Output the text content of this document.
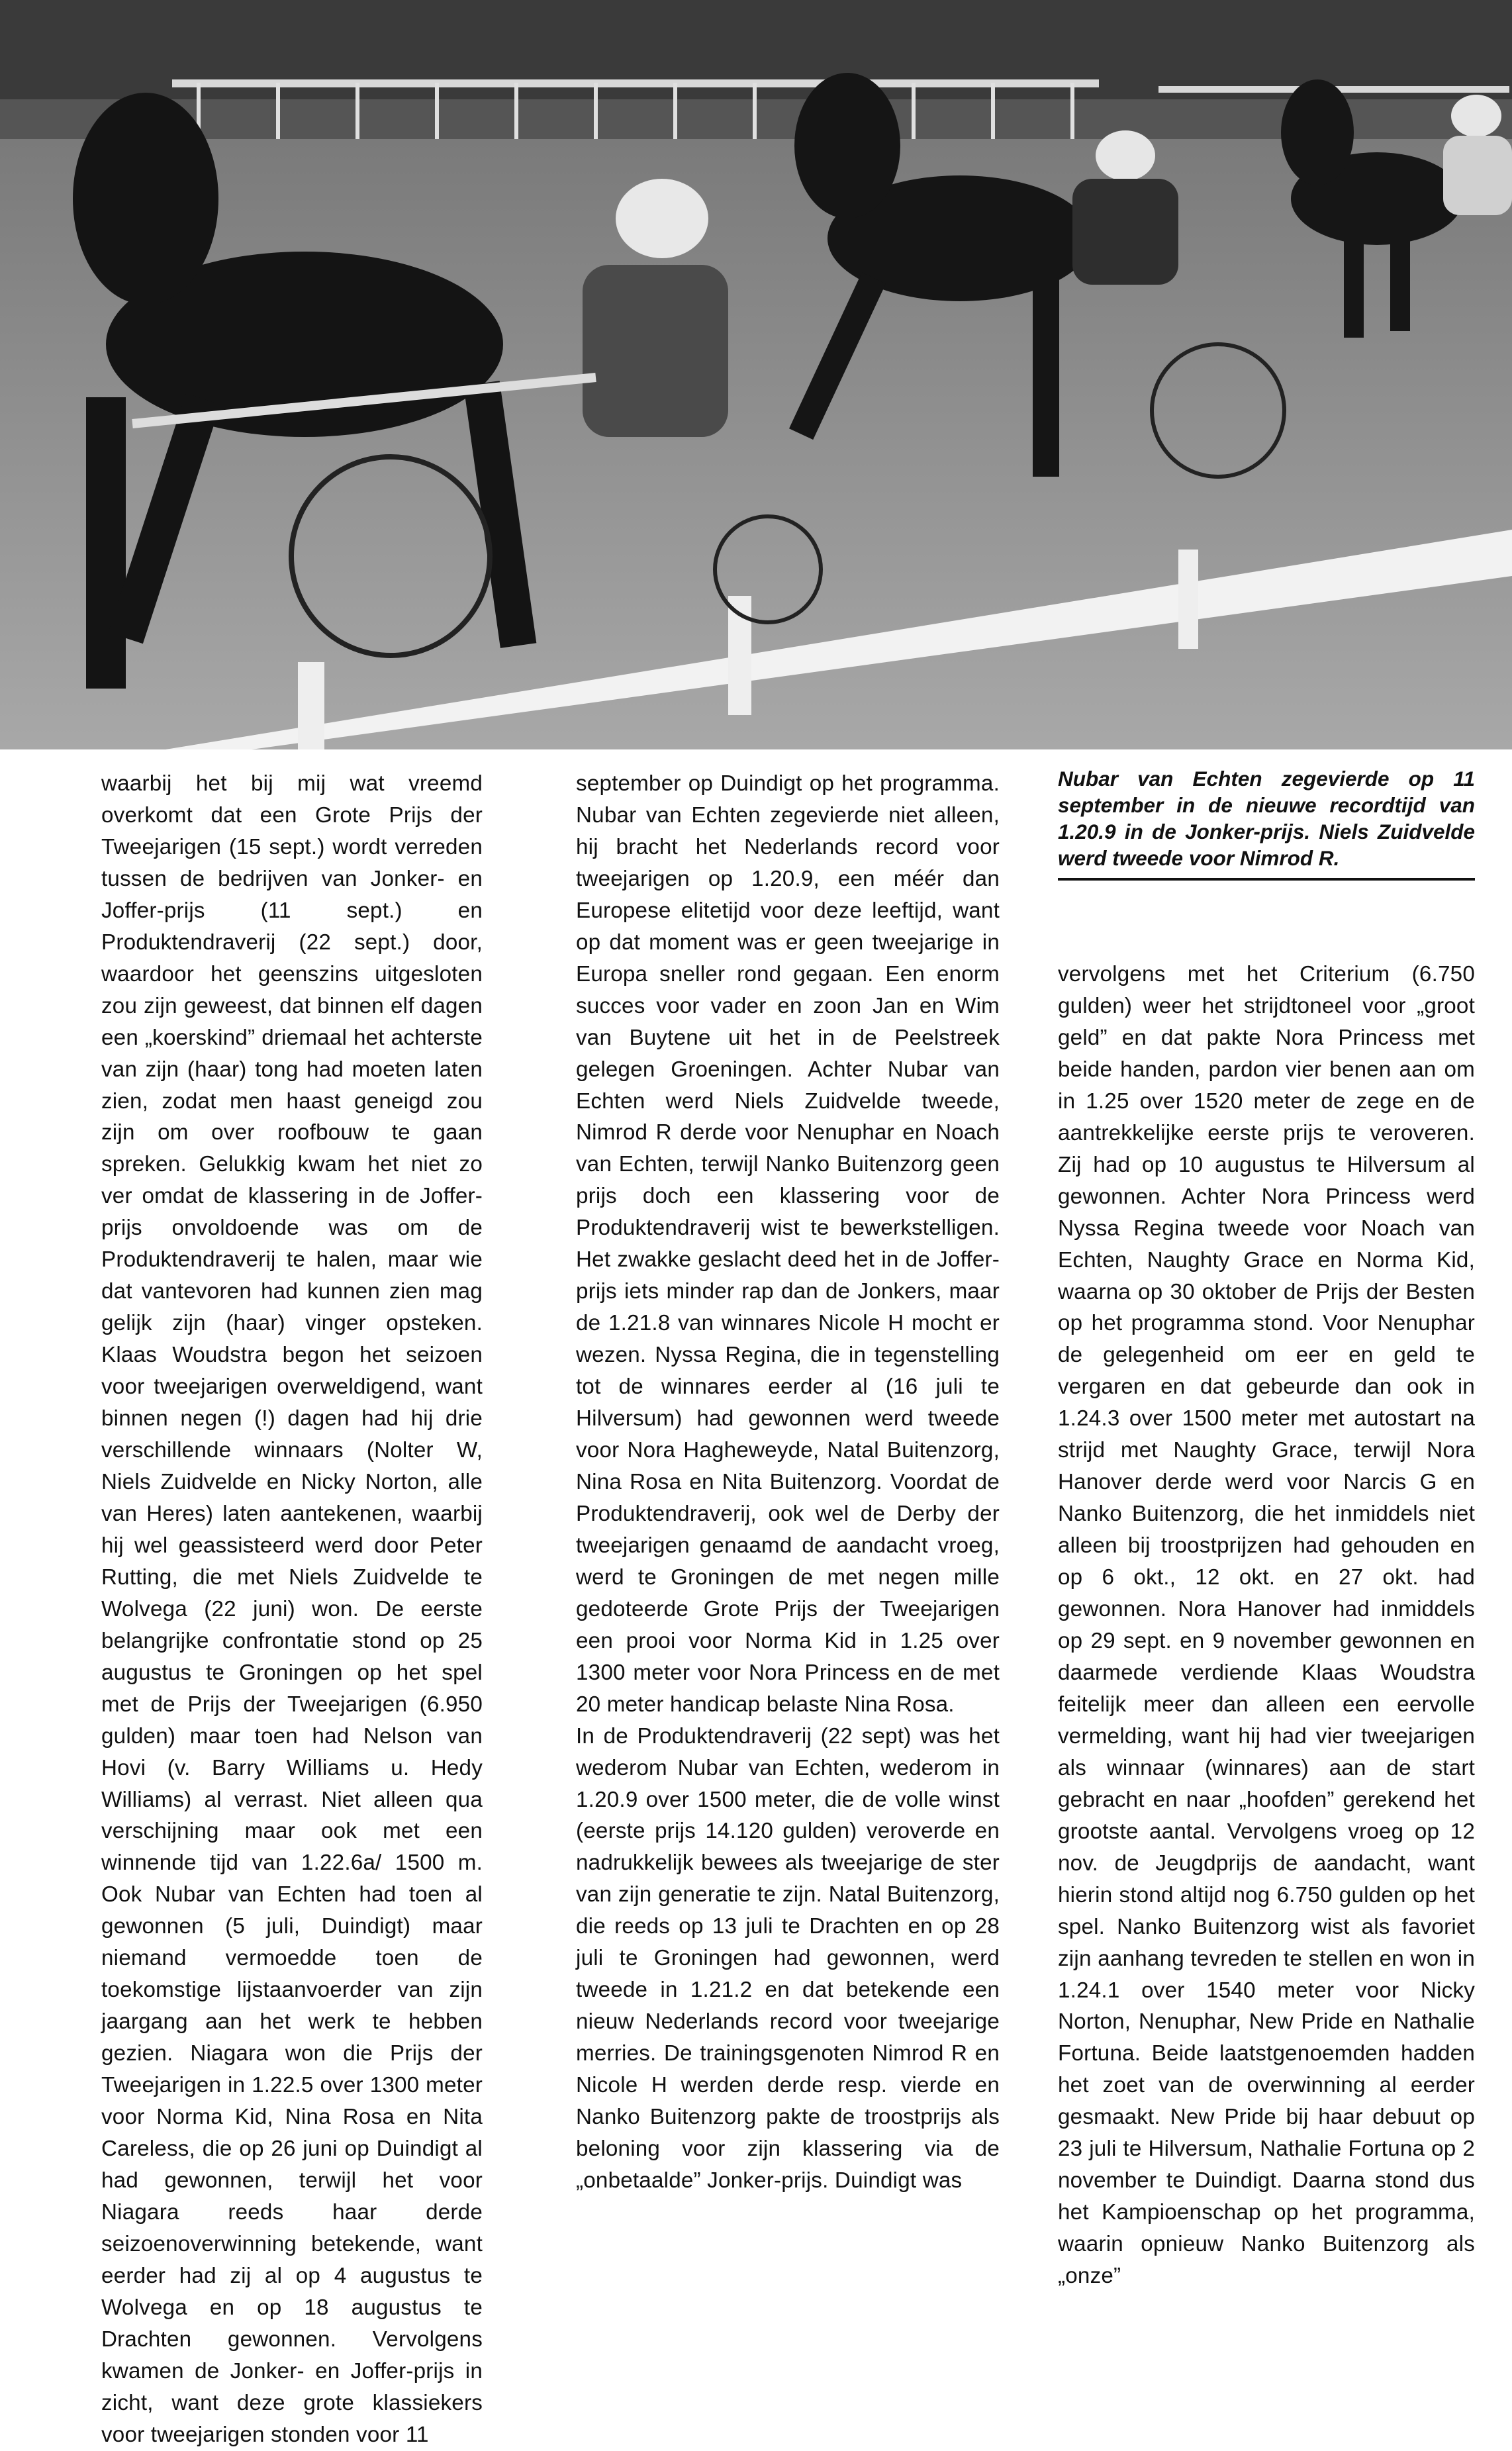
waarbij het bij mij wat vreemd overkomt dat een Grote Prijs der Tweejarigen (15 sept.) wordt verreden tussen de bedrijven van Jonker- en Joffer-prijs (11 sept.) en Produktendraverij (22 sept.) door, waardoor het geenszins uitgesloten zou zijn geweest, dat binnen elf dagen een „koerskind” driemaal het achterste van zijn (haar) tong had moeten laten zien, zodat men haast geneigd zou zijn om over roofbouw te gaan spreken. Gelukkig kwam het niet zo ver omdat de klassering in de Joffer-prijs onvoldoende was om de Produktendraverij te halen, maar wie dat vantevoren had kunnen zien mag gelijk zijn (haar) vinger opsteken. Klaas Woudstra begon het seizoen voor tweejarigen overweldigend, want binnen negen (!) dagen had hij drie verschillende winnaars (Nolter W, Niels Zuidvelde en Nicky Norton, alle van Heres) laten aantekenen, waarbij hij wel geassisteerd werd door Peter Rutting, die met Niels Zuidvelde te Wolvega (22 juni) won. De eerste belangrijke confrontatie stond op 25 augustus te Groningen op het spel met de Prijs der Tweejarigen (6.950 gulden) maar toen had Nelson van Hovi (v. Barry Williams u. Hedy Williams) al verrast. Niet alleen qua verschijning maar ook met een winnende tijd van 1.22.6a/ 1500 m. Ook Nubar van Echten had toen al gewonnen (5 juli, Duindigt) maar niemand vermoedde toen de toekomstige lijstaanvoerder van zijn jaargang aan het werk te hebben gezien. Niagara won die Prijs der Tweejarigen in 1.22.5 over 1300 meter voor Norma Kid, Nina Rosa en Nita Careless, die op 26 juni op Duindigt al had gewonnen, terwijl het voor Niagara reeds haar derde seizoenoverwinning betekende, want eerder had zij al op 4 augustus te Wolvega en op 18 augustus te Drachten gewonnen. Vervolgens kwamen de Jonker- en Joffer-prijs in zicht, want deze grote klassiekers voor tweejarigen stonden voor 11

september op Duindigt op het programma. Nubar van Echten zegevierde niet alleen, hij bracht het Nederlands record voor tweejarigen op 1.20.9, een méér dan Europese elitetijd voor deze leeftijd, want op dat moment was er geen tweejarige in Europa sneller rond gegaan. Een enorm succes voor vader en zoon Jan en Wim van Buytene uit het in de Peelstreek gelegen Groeningen. Achter Nubar van Echten werd Niels Zuidvelde tweede, Nimrod R derde voor Nenuphar en Noach van Echten, terwijl Nanko Buitenzorg geen prijs doch een klassering voor de Produktendraverij wist te bewerkstelligen. Het zwakke geslacht deed het in de Joffer-prijs iets minder rap dan de Jonkers, maar de 1.21.8 van winnares Nicole H mocht er wezen. Nyssa Regina, die in tegenstelling tot de winnares eerder al (16 juli te Hilversum) had gewonnen werd tweede voor Nora Hagheweyde, Natal Buitenzorg, Nina Rosa en Nita Buitenzorg. Voordat de Produktendraverij, ook wel de Derby der tweejarigen genaamd de aandacht vroeg, werd te Groningen de met negen mille gedoteerde Grote Prijs der Tweejarigen een prooi voor Norma Kid in 1.25 over 1300 meter voor Nora Princess en de met 20 meter handicap belaste Nina Rosa.
In de Produktendraverij (22 sept) was het wederom Nubar van Echten, wederom in 1.20.9 over 1500 meter, die de volle winst (eerste prijs 14.120 gulden) veroverde en nadrukkelijk bewees als tweejarige de ster van zijn generatie te zijn. Natal Buitenzorg, die reeds op 13 juli te Drachten en op 28 juli te Groningen had gewonnen, werd tweede in 1.21.2 en dat betekende een nieuw Nederlands record voor tweejarige merries. De trainingsgenoten Nimrod R en Nicole H werden derde resp. vierde en Nanko Buitenzorg pakte de troostprijs als beloning voor zijn klassering via de „onbetaalde” Jonker-prijs. Duindigt was

Nubar van Echten zegevierde op 11 september in de nieuwe recordtijd van 1.20.9 in de Jonker-prijs. Niels Zuidvelde werd tweede voor Nimrod R.

vervolgens met het Criterium (6.750 gulden) weer het strijdtoneel voor „groot geld” en dat pakte Nora Princess met beide handen, pardon vier benen aan om in 1.25 over 1520 meter de zege en de aantrekkelijke eerste prijs te veroveren. Zij had op 10 augustus te Hilversum al gewonnen. Achter Nora Princess werd Nyssa Regina tweede voor Noach van Echten, Naughty Grace en Norma Kid, waarna op 30 oktober de Prijs der Besten op het programma stond. Voor Nenuphar de gelegenheid om eer en geld te vergaren en dat gebeurde dan ook in 1.24.3 over 1500 meter met autostart na strijd met Naughty Grace, terwijl Nora Hanover derde werd voor Narcis G en Nanko Buitenzorg, die het inmiddels niet alleen bij troostprijzen had gehouden en op 6 okt., 12 okt. en 27 okt. had gewonnen. Nora Hanover had inmiddels op 29 sept. en 9 november gewonnen en daarmede verdiende Klaas Woudstra feitelijk meer dan alleen een eervolle vermelding, want hij had vier tweejarigen als winnaar (winnares) aan de start gebracht en naar „hoofden” gerekend het grootste aantal. Vervolgens vroeg op 12 nov. de Jeugdprijs de aandacht, want hierin stond altijd nog 6.750 gulden op het spel. Nanko Buitenzorg wist als favoriet zijn aanhang tevreden te stellen en won in 1.24.1 over 1540 meter voor Nicky Norton, Nenuphar, New Pride en Nathalie Fortuna. Beide laatstgenoemden hadden het zoet van de overwinning al eerder gesmaakt. New Pride bij haar debuut op 23 juli te Hilversum, Nathalie Fortuna op 2 november te Duindigt. Daarna stond dus het Kampioenschap op het programma, waarin opnieuw Nanko Buitenzorg als „onze”
